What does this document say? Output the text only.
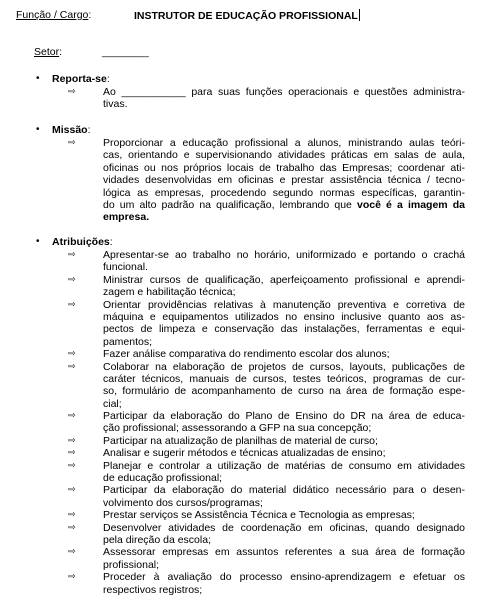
Função / Cargo:	INSTRUTOR DE EDUCAÇÃO PROFISSIONAL
Setor:	________
• Reporta-se:
⇨	Ao ___________ para suas funções operacionais e questões administra-
tivas.
• Missão:
⇨	Proporcionar a educação profissional a alunos, ministrando aulas teóri-
cas, orientando e supervisionando atividades práticas em salas de aula,
oficinas ou nos próprios locais de trabalho das Empresas; coordenar ati-
vidades desenvolvidas em oficinas e prestar assistência técnica / tecno-
lógica as empresas, procedendo segundo normas específicas, garantin-
do um alto padrão na qualificação, lembrando que você é a imagem da
empresa.
• Atribuições:
⇨	Apresentar-se ao trabalho no horário, uniformizado e portando o crachá
funcional.
⇨	Ministrar cursos de qualificação, aperfeiçoamento profissional e aprendi-
zagem e habilitação técnica;
⇨	Orientar providências relativas à manutenção preventiva e corretiva de
máquina e equipamentos utilizados no ensino inclusive quanto aos as-
pectos de limpeza e conservação das instalações, ferramentas e equi-
pamentos;
⇨	Fazer análise comparativa do rendimento escolar dos alunos;
⇨	Colaborar na elaboração de projetos de cursos, layouts, publicações de
caráter técnicos, manuais de cursos, testes teóricos, programas de cur-
so, formulário de acompanhamento de curso na área de formação espe-
cial;
⇨	Participar da elaboração do Plano de Ensino do DR na área de educa-
ção profissional; assessorando a GFP na sua concepção;
⇨	Participar na atualização de planilhas de material de curso;
⇨	Analisar e sugerir métodos e técnicas atualizadas de ensino;
⇨	Planejar e controlar a utilização de matérias de consumo em atividades
de educação profissional;
⇨	Participar da elaboração do material didático necessário para o desen-
volvimento dos cursos/programas;
⇨	Prestar serviços se Assistência Técnica e Tecnologia as empresas;
⇨	Desenvolver atividades de coordenação em oficinas, quando designado
pela direção da escola;
⇨	Assessorar empresas em assuntos referentes a sua área de formação
profissional;
⇨	Proceder à avaliação do processo ensino-aprendizagem e efetuar os
respectivos registros;
